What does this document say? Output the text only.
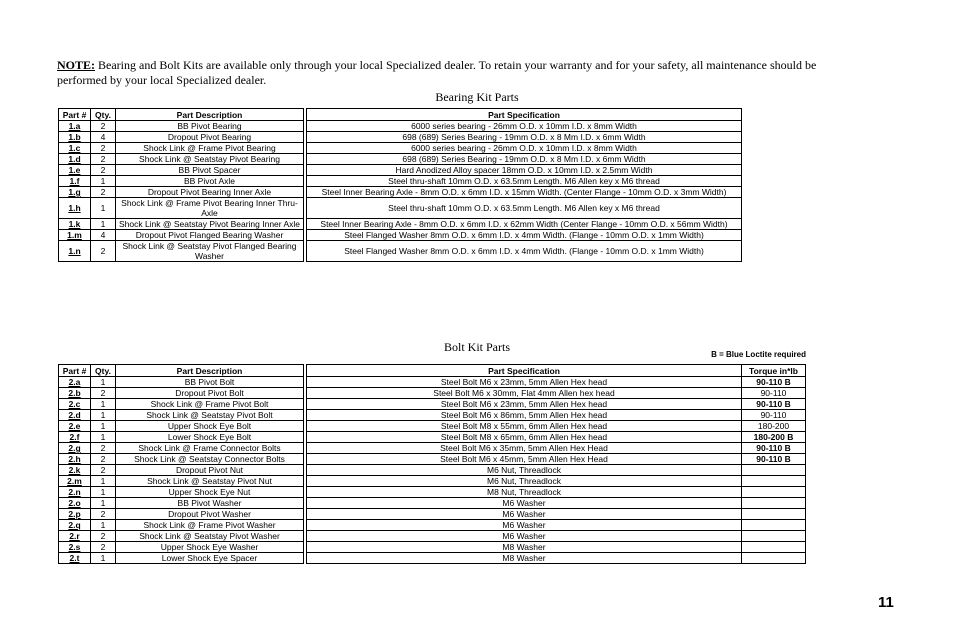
NOTE: Bearing and Bolt Kits are available only through your local Specialized dealer. To retain your warranty and for your safety, all maintenance should be performed by your local Specialized dealer.
Bearing Kit Parts
Part #	Qty.	Part Description		Part Specification
1.a	2	BB Pivot Bearing		6000 series bearing - 26mm O.D. x 10mm I.D. x 8mm Width
1.b	4	Dropout Pivot Bearing		698 (689) Series Bearing - 19mm O.D. x 8 Mm I.D. x 6mm Width
1.c	2	Shock Link @ Frame Pivot Bearing		6000 series bearing - 26mm O.D. x 10mm I.D. x 8mm Width
1.d	2	Shock Link @ Seatstay Pivot Bearing		698 (689) Series Bearing - 19mm O.D. x 8 Mm I.D. x 6mm Width
1.e	2	BB Pivot Spacer		Hard Anodized Alloy spacer 18mm O.D. x 10mm I.D. x 2.5mm Width
1.f	1	BB Pivot Axle		Steel thru-shaft 10mm O.D. x 63.5mm Length. M6 Allen key x M6 thread
1.g	2	Dropout Pivot Bearing Inner Axle		Steel Inner Bearing Axle - 8mm O.D. x 6mm I.D. x 15mm Width. (Center Flange - 10mm O.D. x 3mm Width)
1.h	1	Shock Link @ Frame Pivot Bearing Inner Thru-Axle		Steel thru-shaft 10mm O.D. x 63.5mm Length. M6 Allen key x M6 thread
1.k	1	Shock Link @ Seatstay Pivot Bearing Inner Axle		Steel Inner Bearing Axle - 8mm O.D. x 6mm I.D. x 62mm Width (Center Flange - 10mm O.D. x 56mm Width)
1.m	4	Dropout Pivot Flanged Bearing Washer		Steel Flanged Washer 8mm O.D. x 6mm I.D. x 4mm Width. (Flange - 10mm O.D. x 1mm Width)
1.n	2	Shock Link @ Seatstay Pivot Flanged Bearing Washer		Steel Flanged Washer 8mm O.D. x 6mm I.D. x 4mm Width. (Flange - 10mm O.D. x 1mm Width)
Bolt Kit Parts
B = Blue Loctite required
Part #	Qty.	Part Description		Part Specification	Torque in*lb
2.a	1	BB Pivot Bolt		Steel Bolt M6 x 23mm, 5mm Allen Hex head	90-110 B
2.b	2	Dropout Pivot Bolt		Steel Bolt M6 x 30mm, Flat 4mm Allen hex head	90-110
2.c	1	Shock Link @ Frame Pivot Bolt		Steel Bolt M6 x 23mm, 5mm Allen Hex head	90-110 B
2.d	1	Shock Link @ Seatstay Pivot Bolt		Steel Bolt M6 x 86mm, 5mm Allen Hex head	90-110
2.e	1	Upper Shock Eye Bolt		Steel Bolt M8 x 55mm, 6mm Allen Hex head	180-200
2.f	1	Lower Shock Eye Bolt		Steel Bolt M8 x 65mm, 6mm Allen Hex head	180-200 B
2.g	2	Shock Link @ Frame Connector Bolts		Steel Bolt M6 x 35mm, 5mm Allen Hex Head	90-110 B
2.h	2	Shock Link @ Seatstay Connector Bolts		Steel Bolt M6 x 45mm, 5mm Allen Hex Head	90-110 B
2.k	2	Dropout Pivot Nut		M6 Nut, Threadlock	
2.m	1	Shock Link @ Seatstay Pivot Nut		M6 Nut, Threadlock	
2.n	1	Upper Shock Eye Nut		M8 Nut, Threadlock	
2.o	1	BB Pivot Washer		M6 Washer	
2.p	2	Dropout Pivot Washer		M6 Washer	
2.q	1	Shock Link @ Frame Pivot Washer		M6 Washer	
2.r	2	Shock Link @ Seatstay Pivot Washer		M6 Washer	
2.s	2	Upper Shock Eye Washer		M8 Washer	
2.t	1	Lower Shock Eye Spacer		M8 Washer	
11
